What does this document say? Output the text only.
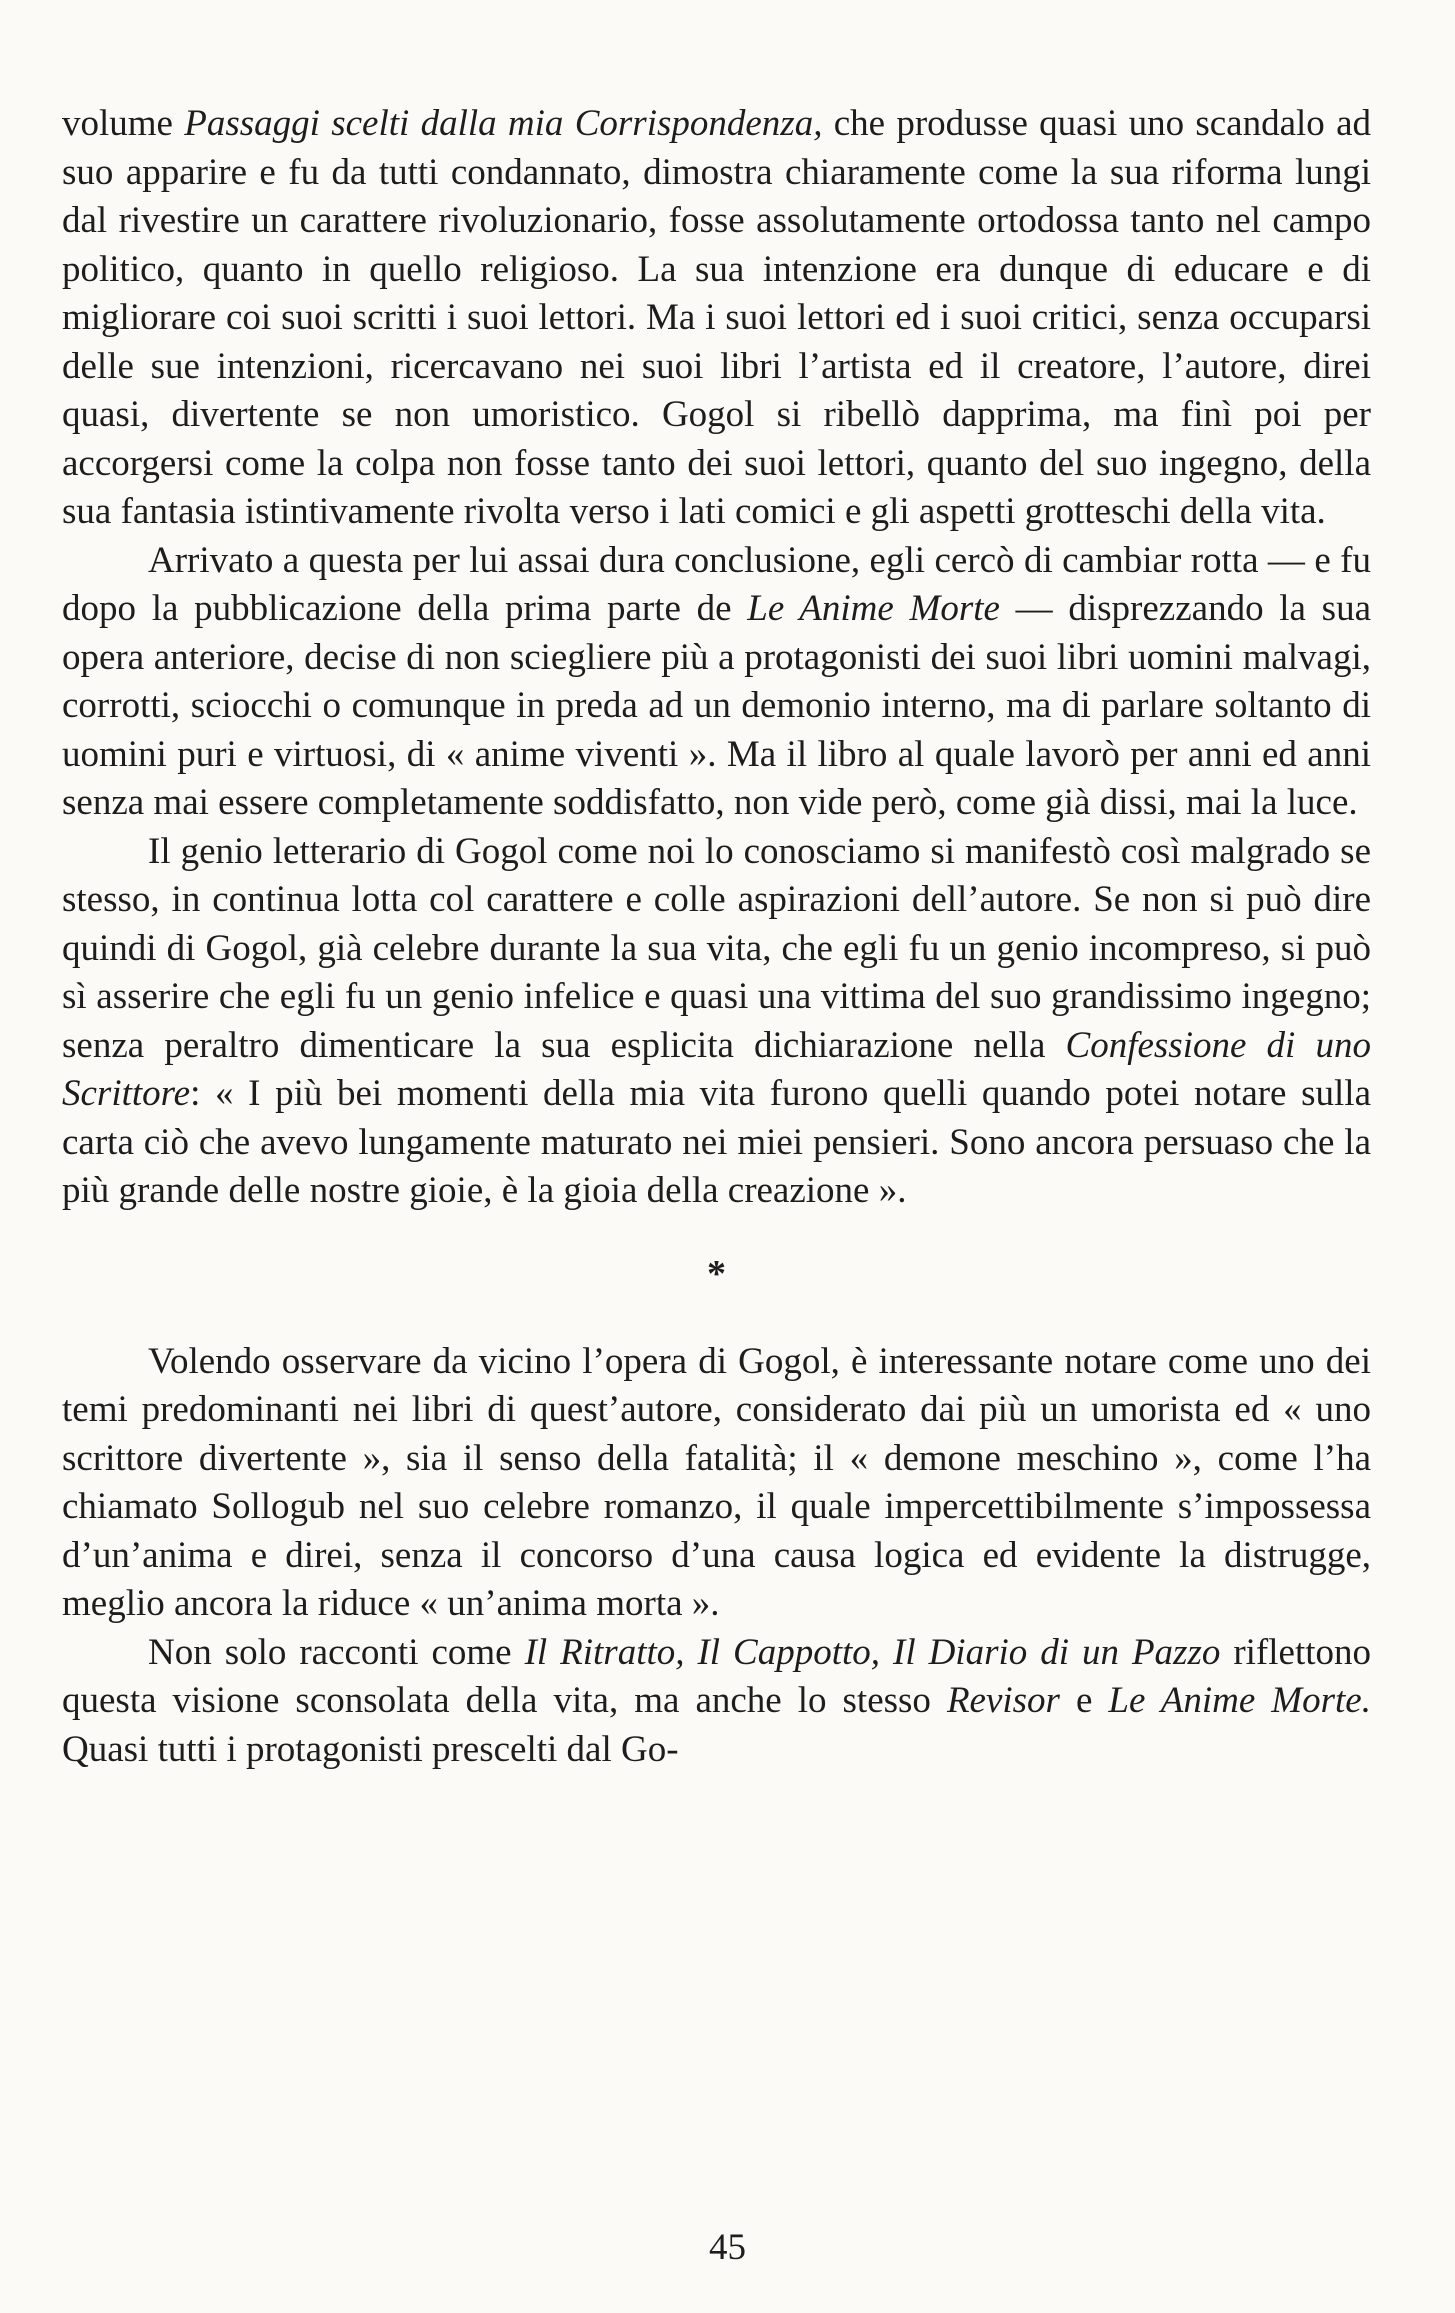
volume Passaggi scelti dalla mia Corrispondenza, che produsse quasi uno scandalo ad suo apparire e fu da tutti condannato, dimostra chiaramente come la sua riforma lungi dal rivestire un carattere rivoluzionario, fosse assolutamente ortodossa tanto nel campo politico, quanto in quello religioso. La sua intenzione era dunque di educare e di migliorare coi suoi scritti i suoi lettori. Ma i suoi lettori ed i suoi critici, senza occuparsi delle sue intenzioni, ricercavano nei suoi libri l’artista ed il creatore, l’autore, direi quasi, divertente se non umoristico. Gogol si ribellò dapprima, ma finì poi per accorgersi come la colpa non fosse tanto dei suoi lettori, quanto del suo ingegno, della sua fantasia istintivamente rivolta verso i lati comici e gli aspetti grotteschi della vita.

Arrivato a questa per lui assai dura conclusione, egli cercò di cambiar rotta — e fu dopo la pubblicazione della prima parte de Le Anime Morte — disprezzando la sua opera anteriore, decise di non sciegliere più a protagonisti dei suoi libri uomini malvagi, corrotti, sciocchi o comunque in preda ad un demonio interno, ma di parlare soltanto di uomini puri e virtuosi, di « anime viventi ». Ma il libro al quale lavorò per anni ed anni senza mai essere completamente soddisfatto, non vide però, come già dissi, mai la luce.

Il genio letterario di Gogol come noi lo conosciamo si manifestò così malgrado se stesso, in continua lotta col carattere e colle aspirazioni dell’autore. Se non si può dire quindi di Gogol, già celebre durante la sua vita, che egli fu un genio incompreso, si può sì asserire che egli fu un genio infelice e quasi una vittima del suo grandissimo ingegno; senza peraltro dimenticare la sua esplicita dichiarazione nella Confessione di uno Scrittore: « I più bei momenti della mia vita furono quelli quando potei notare sulla carta ciò che avevo lungamente maturato nei miei pensieri. Sono ancora persuaso che la più grande delle nostre gioie, è la gioia della creazione ».

*

Volendo osservare da vicino l’opera di Gogol, è interessante notare come uno dei temi predominanti nei libri di quest’autore, considerato dai più un umorista ed « uno scrittore divertente », sia il senso della fatalità; il « demone meschino », come l’ha chiamato Sollogub nel suo celebre romanzo, il quale impercettibilmente s’impossessa d’un’anima e direi, senza il concorso d’una causa logica ed evidente la distrugge, meglio ancora la riduce « un’anima morta ».

Non solo racconti come Il Ritratto, Il Cappotto, Il Diario di un Pazzo riflettono questa visione sconsolata della vita, ma anche lo stesso Revisor e Le Anime Morte. Quasi tutti i protagonisti prescelti dal Go-

45
